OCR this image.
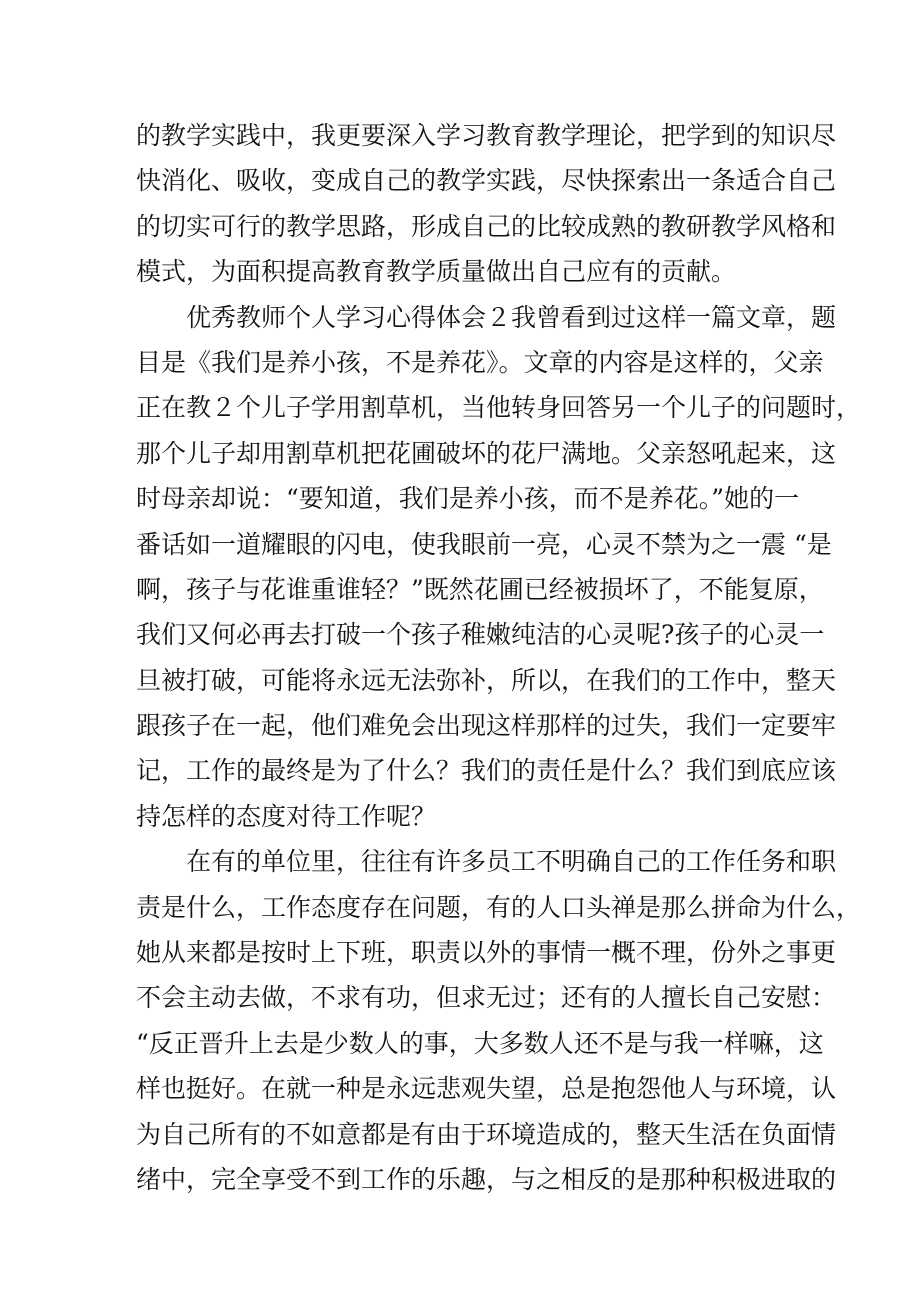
的教学实践中，我更要深入学习教育教学理论，把学到的知识尽
快消化、吸收，变成自己的教学实践，尽快探索出一条适合自己
的切实可行的教学思路，形成自己的比较成熟的教研教学风格和
模式，为面积提高教育教学质量做出自己应有的贡献。
优秀教师个人学习心得体会２我曾看到过这样一篇文章，题
目是《我们是养小孩，不是养花》。文章的内容是这样的，父亲
正在教２个儿子学用割草机，当他转身回答另一个儿子的问题时，
那个儿子却用割草机把花圃破坏的花尸满地。父亲怒吼起来，这
时母亲却说：“要知道，我们是养小孩，而不是养花。”她的一
番话如一道耀眼的闪电，使我眼前一亮，心灵不禁为之一震 “是
啊，孩子与花谁重谁轻？”既然花圃已经被损坏了，不能复原，
我们又何必再去打破一个孩子稚嫩纯洁的心灵呢?孩子的心灵一
旦被打破，可能将永远无法弥补，所以，在我们的工作中，整天
跟孩子在一起，他们难免会出现这样那样的过失，我们一定要牢
记，工作的最终是为了什么？我们的责任是什么？我们到底应该
持怎样的态度对待工作呢？
在有的单位里，往往有许多员工不明确自己的工作任务和职
责是什么，工作态度存在问题，有的人口头禅是那么拼命为什么，
她从来都是按时上下班，职责以外的事情一概不理，份外之事更
不会主动去做，不求有功，但求无过；还有的人擅长自己安慰：
“反正晋升上去是少数人的事，大多数人还不是与我一样嘛，这
样也挺好。在就一种是永远悲观失望，总是抱怨他人与环境，认
为自己所有的不如意都是有由于环境造成的，整天生活在负面情
绪中，完全享受不到工作的乐趣，与之相反的是那种积极进取的
